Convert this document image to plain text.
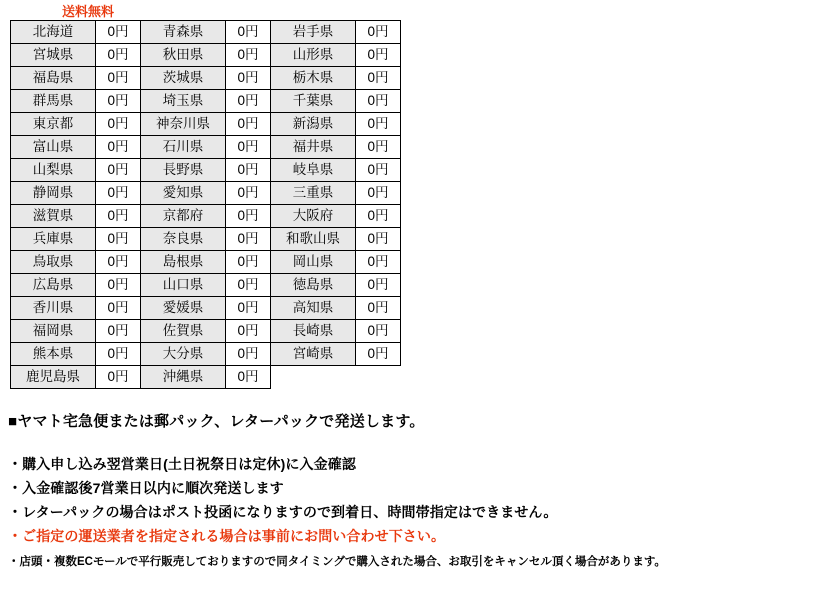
送料無料
北海道	0円	青森県	0円	岩手県	0円
宮城県	0円	秋田県	0円	山形県	0円
福島県	0円	茨城県	0円	栃木県	0円
群馬県	0円	埼玉県	0円	千葉県	0円
東京都	0円	神奈川県	0円	新潟県	0円
富山県	0円	石川県	0円	福井県	0円
山梨県	0円	長野県	0円	岐阜県	0円
静岡県	0円	愛知県	0円	三重県	0円
滋賀県	0円	京都府	0円	大阪府	0円
兵庫県	0円	奈良県	0円	和歌山県	0円
鳥取県	0円	島根県	0円	岡山県	0円
広島県	0円	山口県	0円	徳島県	0円
香川県	0円	愛媛県	0円	高知県	0円
福岡県	0円	佐賀県	0円	長崎県	0円
熊本県	0円	大分県	0円	宮崎県	0円
鹿児島県	0円	沖縄県	0円		

■ヤマト宅急便または郵パック、レターパックで発送します。

・購入申し込み翌営業日(土日祝祭日は定休)に入金確認

・入金確認後7営業日以内に順次発送します

・レターパックの場合はポスト投函になりますので到着日、時間帯指定はできません。

・ご指定の運送業者を指定される場合は事前にお問い合わせ下さい。

・店頭・複数ECモールで平行販売しておりますので同タイミングで購入された場合、お取引をキャンセル頂く場合があります。
